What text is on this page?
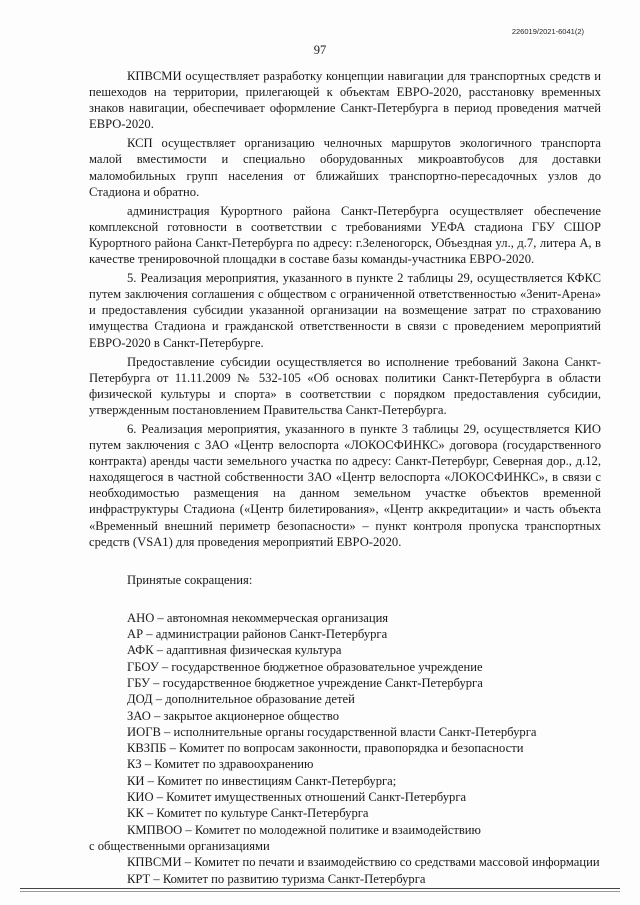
226019/2021-6041(2)
97

КПВСМИ осуществляет разработку концепции навигации для транспортных средств и пешеходов на территории, прилегающей к объектам ЕВРО-2020, расстановку временных знаков навигации, обеспечивает оформление Санкт-Петербурга в период проведения матчей ЕВРО-2020.

КСП осуществляет организацию челночных маршрутов экологичного транспорта малой вместимости и специально оборудованных микроавтобусов для доставки маломобильных групп населения от ближайших транспортно-пересадочных узлов до Стадиона и обратно.

администрация Курортного района Санкт-Петербурга осуществляет обеспечение комплексной готовности в соответствии с требованиями УЕФА стадиона ГБУ СШОР Курортного района Санкт-Петербурга по адресу: г.Зеленогорск, Объездная ул., д.7, литера А, в качестве тренировочной площадки в составе базы команды-участника ЕВРО-2020.

5. Реализация мероприятия, указанного в пункте 2 таблицы 29, осуществляется КФКС путем заключения соглашения с обществом с ограниченной ответственностью «Зенит-Арена» и предоставления субсидии указанной организации на возмещение затрат по страхованию имущества Стадиона и гражданской ответственности в связи с проведением мероприятий ЕВРО-2020 в Санкт-Петербурге.

Предоставление субсидии осуществляется во исполнение требований Закона Санкт-Петербурга от 11.11.2009 № 532-105 «Об основах политики Санкт-Петербурга в области физической культуры и спорта» в соответствии с порядком предоставления субсидии, утвержденным постановлением Правительства Санкт-Петербурга.

6. Реализация мероприятия, указанного в пункте 3 таблицы 29, осуществляется КИО путем заключения с ЗАО «Центр велоспорта «ЛОКОСФИНКС» договора (государственного контракта) аренды части земельного участка по адресу: Санкт-Петербург, Северная дор., д.12, находящегося в частной собственности ЗАО «Центр велоспорта «ЛОКОСФИНКС», в связи с необходимостью размещения на данном земельном участке объектов временной инфраструктуры Стадиона («Центр билетирования», «Центр аккредитации» и часть объекта «Временный внешний периметр безопасности» – пункт контроля пропуска транспортных средств (VSA1) для проведения мероприятий ЕВРО-2020.

Принятые сокращения:

АНО – автономная некоммерческая организация
АР – администрации районов Санкт-Петербурга
АФК – адаптивная физическая культура
ГБОУ – государственное бюджетное образовательное учреждение
ГБУ – государственное бюджетное учреждение Санкт-Петербурга
ДОД – дополнительное образование детей
ЗАО – закрытое акционерное общество
ИОГВ – исполнительные органы государственной власти Санкт-Петербурга
КВЗПБ – Комитет по вопросам законности, правопорядка и безопасности
КЗ – Комитет по здравоохранению
КИ – Комитет по инвестициям Санкт-Петербурга;
КИО – Комитет имущественных отношений Санкт-Петербурга
КК – Комитет по культуре Санкт-Петербурга
КМПВОО – Комитет по молодежной политике и взаимодействию
с общественными организациями
КПВСМИ – Комитет по печати и взаимодействию со средствами массовой информации
КРТ – Комитет по развитию туризма Санкт-Петербурга
